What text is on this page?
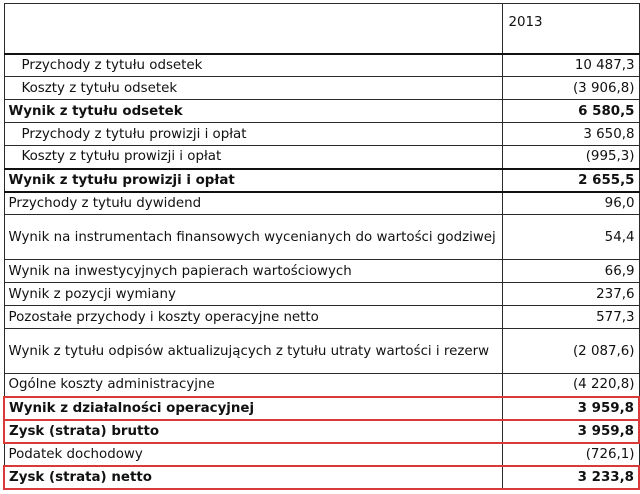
	2013
Przychody z tytułu odsetek	10 487,3
Koszty z tytułu odsetek	(3 906,8)
Wynik z tytułu odsetek	6 580,5
Przychody z tytułu prowizji i opłat	3 650,8
Koszty z tytułu prowizji i opłat	(995,3)
Wynik z tytułu prowizji i opłat	2 655,5
Przychody z tytułu dywidend	96,0
Wynik na instrumentach finansowych wycenianych do wartości godziwej	54,4
Wynik na inwestycyjnych papierach wartościowych	66,9
Wynik z pozycji wymiany	237,6
Pozostałe przychody i koszty operacyjne netto	577,3
Wynik z tytułu odpisów aktualizujących z tytułu utraty wartości i rezerw	(2 087,6)
Ogólne koszty administracyjne	(4 220,8)
Wynik z działalności operacyjnej	3 959,8
Zysk (strata) brutto	3 959,8
Podatek dochodowy	(726,1)
Zysk (strata) netto	3 233,8
